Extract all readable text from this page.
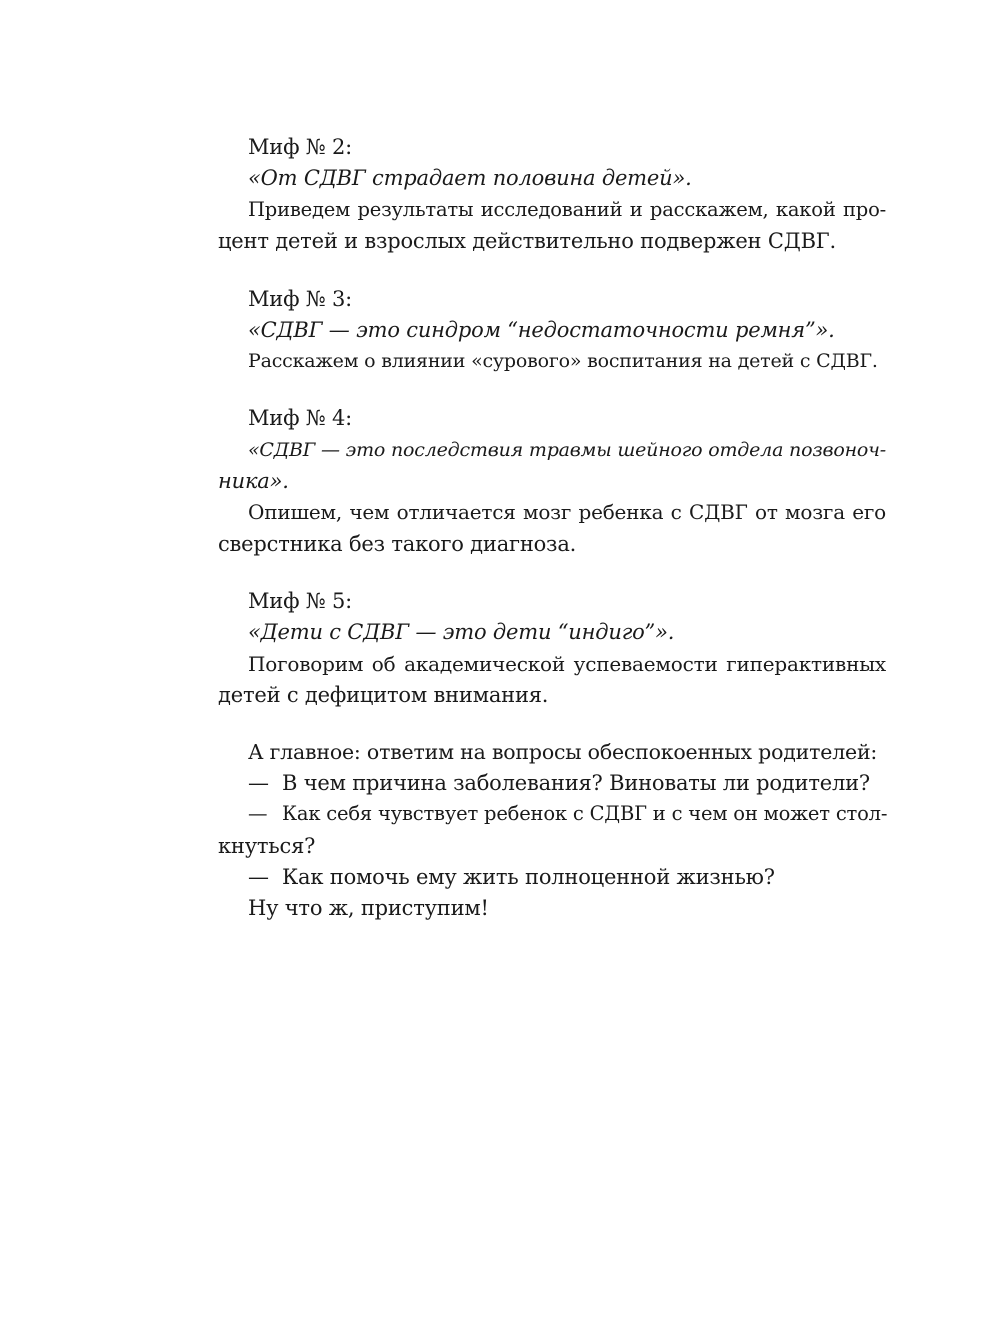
Миф № 2:
«От СДВГ страдает половина детей».
Приведем результаты исследований и расскажем, какой про-
цент детей и взрослых действительно подвержен СДВГ.
Миф № 3:
«СДВГ — это синдром “недостаточности ремня”».
Расскажем о влиянии «сурового» воспитания на детей с СДВГ.
Миф № 4:
«СДВГ — это последствия травмы шейного отдела позвоноч-
ника».
Опишем, чем отличается мозг ребенка с СДВГ от мозга его
сверстника без такого диагноза.
Миф № 5:
«Дети с СДВГ — это дети “индиго”».
Поговорим об академической успеваемости гиперактивных
детей с дефицитом внимания.
А главное: ответим на вопросы обеспокоенных родителей:
— В чем причина заболевания? Виноваты ли родители?
— Как себя чувствует ребенок с СДВГ и с чем он может стол-
кнуться?
— Как помочь ему жить полноценной жизнью?
Ну что ж, приступим!
